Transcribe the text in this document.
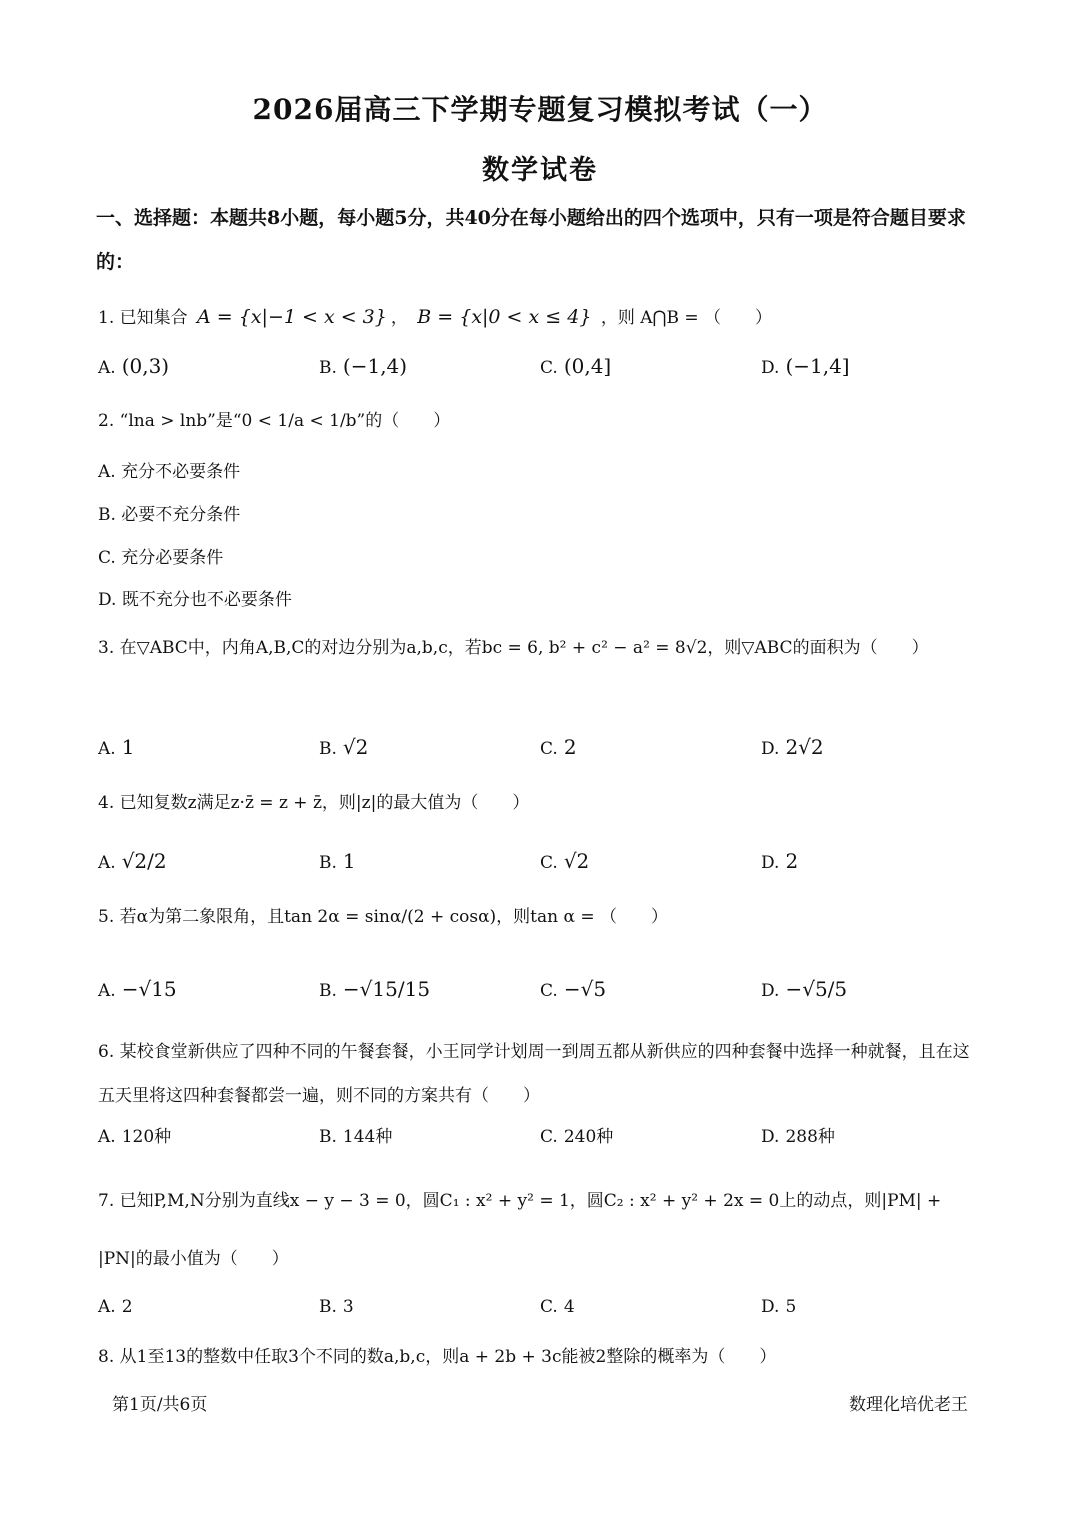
2026届高三下学期专题复习模拟考试（一）
数学试卷
一、选择题：本题共8小题，每小题5分，共40分在每小题给出的四个选项中，只有一项是符合题目要求的：
1. 已知集合 A = {x|−1 < x < 3} ， B = {x|0 < x ≤ 4} ，则 A⋂B = （　　）
A. (0,3)	B. (−1,4)	C. (0,4]	D. (−1,4]
2. “lna > lnb”是“0 < 1/a < 1/b”的（　　）
A. 充分不必要条件
B. 必要不充分条件
C. 充分必要条件
D. 既不充分也不必要条件
3. 在▽ABC中，内角A,B,C的对边分别为a,b,c，若bc = 6, b² + c² − a² = 8√2，则▽ABC的面积为（　　）
A. 1	B. √2	C. 2	D. 2√2
4. 已知复数z满足z·z̄ = z + z̄，则|z|的最大值为（　　）
A. √2/2	B. 1	C. √2	D. 2
5. 若α为第二象限角，且tan 2α = sinα/(2 + cosα)，则tan α = （　　）
A. −√15	B. −√15/15	C. −√5	D. −√5/5
6. 某校食堂新供应了四种不同的午餐套餐，小王同学计划周一到周五都从新供应的四种套餐中选择一种就餐，且在这五天里将这四种套餐都尝一遍，则不同的方案共有（　　）
A. 120种	B. 144种	C. 240种	D. 288种
7. 已知P,M,N分别为直线x − y − 3 = 0，圆C₁ : x² + y² = 1，圆C₂ : x² + y² + 2x = 0上的动点，则|PM| + |PN|的最小值为（　　）
A. 2	B. 3	C. 4	D. 5
8. 从1至13的整数中任取3个不同的数a,b,c，则a + 2b + 3c能被2整除的概率为（　　）
第1页/共6页	数理化培优老王
